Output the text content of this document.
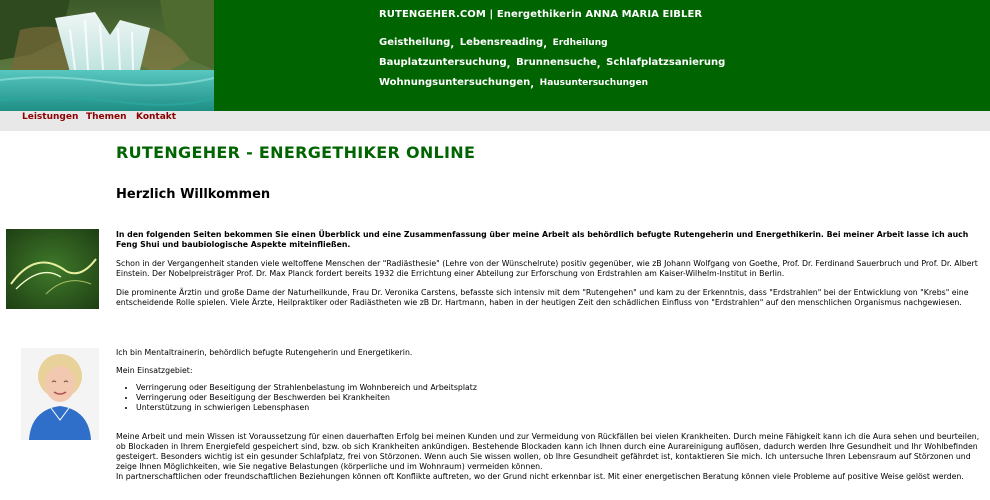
RUTENGEHER.COM | Energethikerin ANNA MARIA EIBLER
Geistheilung, Lebensreading, Erdheilung
Bauplatzuntersuchung, Brunnensuche, Schlafplatzsanierung
Wohnungsuntersuchungen, Hausuntersuchungen
Leistungen Themen Kontakt
RUTENGEHER - ENERGETHIKER ONLINE
Herzlich Willkommen

In den folgenden Seiten bekommen Sie einen Überblick und eine Zusammenfassung über meine Arbeit als behördlich befugte Rutengeherin und Energethikerin. Bei meiner Arbeit lasse ich auch Feng Shui und baubiologische Aspekte miteinfließen.

Schon in der Vergangenheit standen viele weltoffene Menschen der "Radiästhesie" (Lehre von der Wünschelrute) positiv gegenüber, wie zB Johann Wolfgang von Goethe, Prof. Dr. Ferdinand Sauerbruch und Prof. Dr. Albert Einstein. Der Nobelpreisträger Prof. Dr. Max Planck fordert bereits 1932 die Errichtung einer Abteilung zur Erforschung von Erdstrahlen am Kaiser-Wilhelm-Institut in Berlin.

Die prominente Ärztin und große Dame der Naturheilkunde, Frau Dr. Veronika Carstens, befasste sich intensiv mit dem "Rutengehen" und kam zu der Erkenntnis, dass "Erdstrahlen" bei der Entwicklung von "Krebs" eine entscheidende Rolle spielen. Viele Ärzte, Heilpraktiker oder Radiästheten wie zB Dr. Hartmann, haben in der heutigen Zeit den schädlichen Einfluss von "Erdstrahlen" auf den menschlichen Organismus nachgewiesen.

Ich bin Mentaltrainerin, behördlich befugte Rutengeherin und Energetikerin.

Mein Einsatzgebiet:

• Verringerung oder Beseitigung der Strahlenbelastung im Wohnbereich und Arbeitsplatz
• Verringerung oder Beseitigung der Beschwerden bei Krankheiten
• Unterstützung in schwierigen Lebensphasen

Meine Arbeit und mein Wissen ist Voraussetzung für einen dauerhaften Erfolg bei meinen Kunden und zur Vermeidung von Rückfällen bei vielen Krankheiten. Durch meine Fähigkeit kann ich die Aura sehen und beurteilen, ob Blockaden in Ihrem Energiefeld gespeichert sind, bzw. ob sich Krankheiten ankündigen. Bestehende Blockaden kann ich Ihnen durch eine Aurareinigung auflösen, dadurch werden Ihre Gesundheit und Ihr Wohlbefinden gesteigert. Besonders wichtig ist ein gesunder Schlafplatz, frei von Störzonen. Wenn auch Sie wissen wollen, ob Ihre Gesundheit gefährdet ist, kontaktieren Sie mich. Ich untersuche Ihren Lebensraum auf Störzonen und zeige Ihnen Möglichkeiten, wie Sie negative Belastungen (körperliche und im Wohnraum) vermeiden können.

In partnerschaftlichen oder freundschaftlichen Beziehungen können oft Konflikte auftreten, wo der Grund nicht erkennbar ist. Mit einer energetischen Beratung können viele Probleme auf positive Weise gelöst werden.
